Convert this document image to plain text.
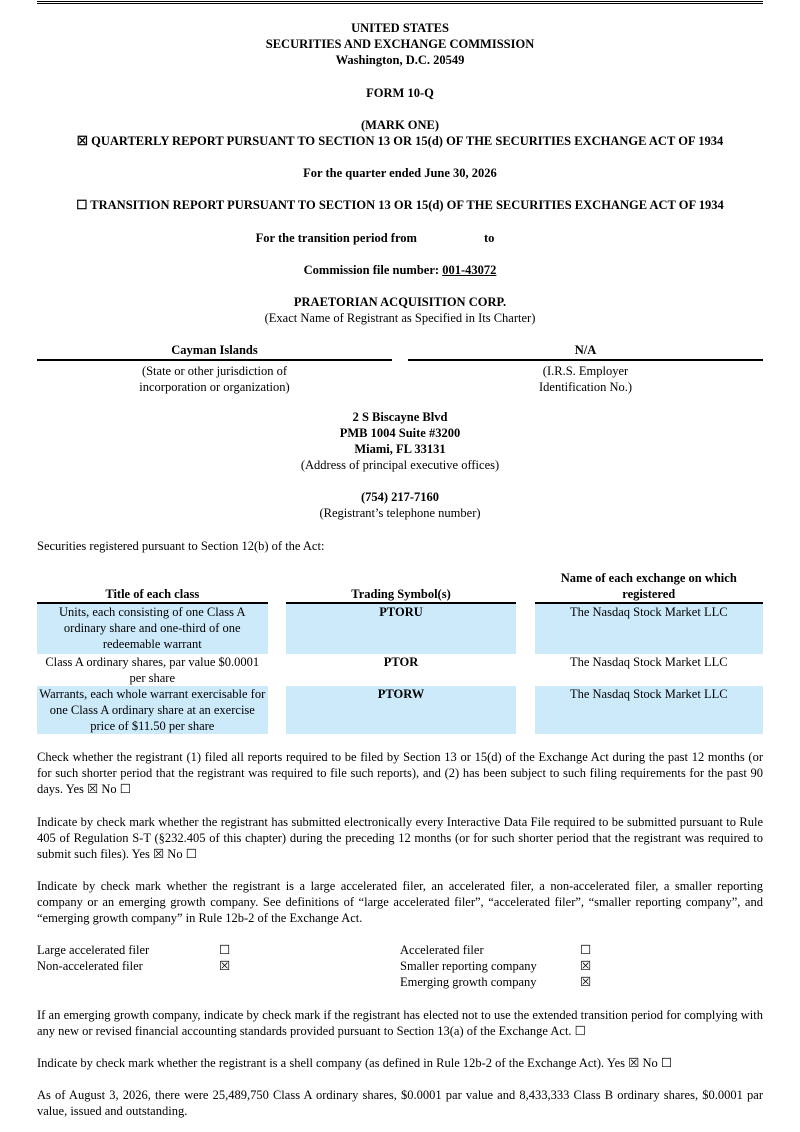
UNITED STATES
SECURITIES AND EXCHANGE COMMISSION
Washington, D.C. 20549
FORM 10-Q
(MARK ONE)
☒ QUARTERLY REPORT PURSUANT TO SECTION 13 OR 15(d) OF THE SECURITIES EXCHANGE ACT OF 1934
For the quarter ended June 30, 2026
☐ TRANSITION REPORT PURSUANT TO SECTION 13 OR 15(d) OF THE SECURITIES EXCHANGE ACT OF 1934
For the transition period from	to
Commission file number: 001-43072
PRAETORIAN ACQUISITION CORP.
(Exact Name of Registrant as Specified in Its Charter)
Cayman Islands
(State or other jurisdiction of
incorporation or organization)
N/A
(I.R.S. Employer
Identification No.)
2 S Biscayne Blvd
PMB 1004 Suite #3200
Miami, FL 33131
(Address of principal executive offices)
(754) 217-7160
(Registrant’s telephone number)
Securities registered pursuant to Section 12(b) of the Act:
Title of each class		Trading Symbol(s)		Name of each exchange on which registered
Units, each consisting of one Class A ordinary share and one-third of one redeemable warrant		PTORU		The Nasdaq Stock Market LLC
Class A ordinary shares, par value $0.0001 per share		PTOR		The Nasdaq Stock Market LLC
Warrants, each whole warrant exercisable for one Class A ordinary share at an exercise price of $11.50 per share		PTORW		The Nasdaq Stock Market LLC

Check whether the registrant (1) filed all reports required to be filed by Section 13 or 15(d) of the Exchange Act during the past 12 months (or for such shorter period that the registrant was required to file such reports), and (2) has been subject to such filing requirements for the past 90 days. Yes ☒ No ☐

Indicate by check mark whether the registrant has submitted electronically every Interactive Data File required to be submitted pursuant to Rule 405 of Regulation S-T (§232.405 of this chapter) during the preceding 12 months (or for such shorter period that the registrant was required to submit such files). Yes ☒ No ☐

Indicate by check mark whether the registrant is a large accelerated filer, an accelerated filer, a non-accelerated filer, a smaller reporting company or an emerging growth company. See definitions of “large accelerated filer”, “accelerated filer”, “smaller reporting company”, and “emerging growth company” in Rule 12b-2 of the Exchange Act.

Large accelerated filer	☐	Accelerated filer	☐
Non-accelerated filer	☒	Smaller reporting company	☒
Emerging growth company	☒

If an emerging growth company, indicate by check mark if the registrant has elected not to use the extended transition period for complying with any new or revised financial accounting standards provided pursuant to Section 13(a) of the Exchange Act. ☐

Indicate by check mark whether the registrant is a shell company (as defined in Rule 12b-2 of the Exchange Act). Yes ☒ No ☐

As of August 3, 2026, there were 25,489,750 Class A ordinary shares, $0.0001 par value and 8,433,333 Class B ordinary shares, $0.0001 par value, issued and outstanding.
